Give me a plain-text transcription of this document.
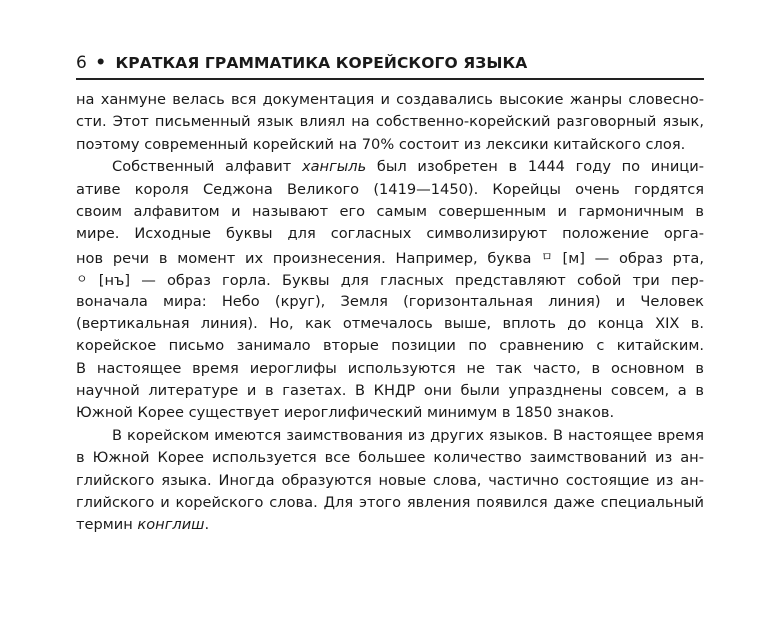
6 • КРАТКАЯ ГРАММАТИКА КОРЕЙСКОГО ЯЗЫКА
на ханмуне велась вся документация и создавались высокие жанры словесно-
сти. Этот письменный язык влиял на собственно-корейский разговорный язык,
поэтому современный корейский на 70% состоит из лексики китайского слоя.
Собственный алфавит хангыль был изобретен в 1444 году по иници-
ативе короля Седжона Великого (1419—1450). Корейцы очень гордятся
своим алфавитом и называют его самым совершенным и гармоничным в
мире. Исходные буквы для согласных символизируют положение орга-
нов речи в момент их произнесения. Например, буква ㅁ [м] — образ рта,
ㅇ [нъ] — образ горла. Буквы для гласных представляют собой три пер-
воначала мира: Небо (круг), Земля (горизонтальная линия) и Человек
(вертикальная линия). Но, как отмечалось выше, вплоть до конца XIX в.
корейское письмо занимало вторые позиции по сравнению с китайским.
В настоящее время иероглифы используются не так часто, в основном в
научной литературе и в газетах. В КНДР они были упразднены совсем, а в
Южной Корее существует иероглифический минимум в 1850 знаков.
В корейском имеются заимствования из других языков. В настоящее время
в Южной Корее используется все большее количество заимствований из ан-
глийского языка. Иногда образуются новые слова, частично состоящие из ан-
глийского и корейского слова. Для этого явления появился даже специальный
термин конглиш.
